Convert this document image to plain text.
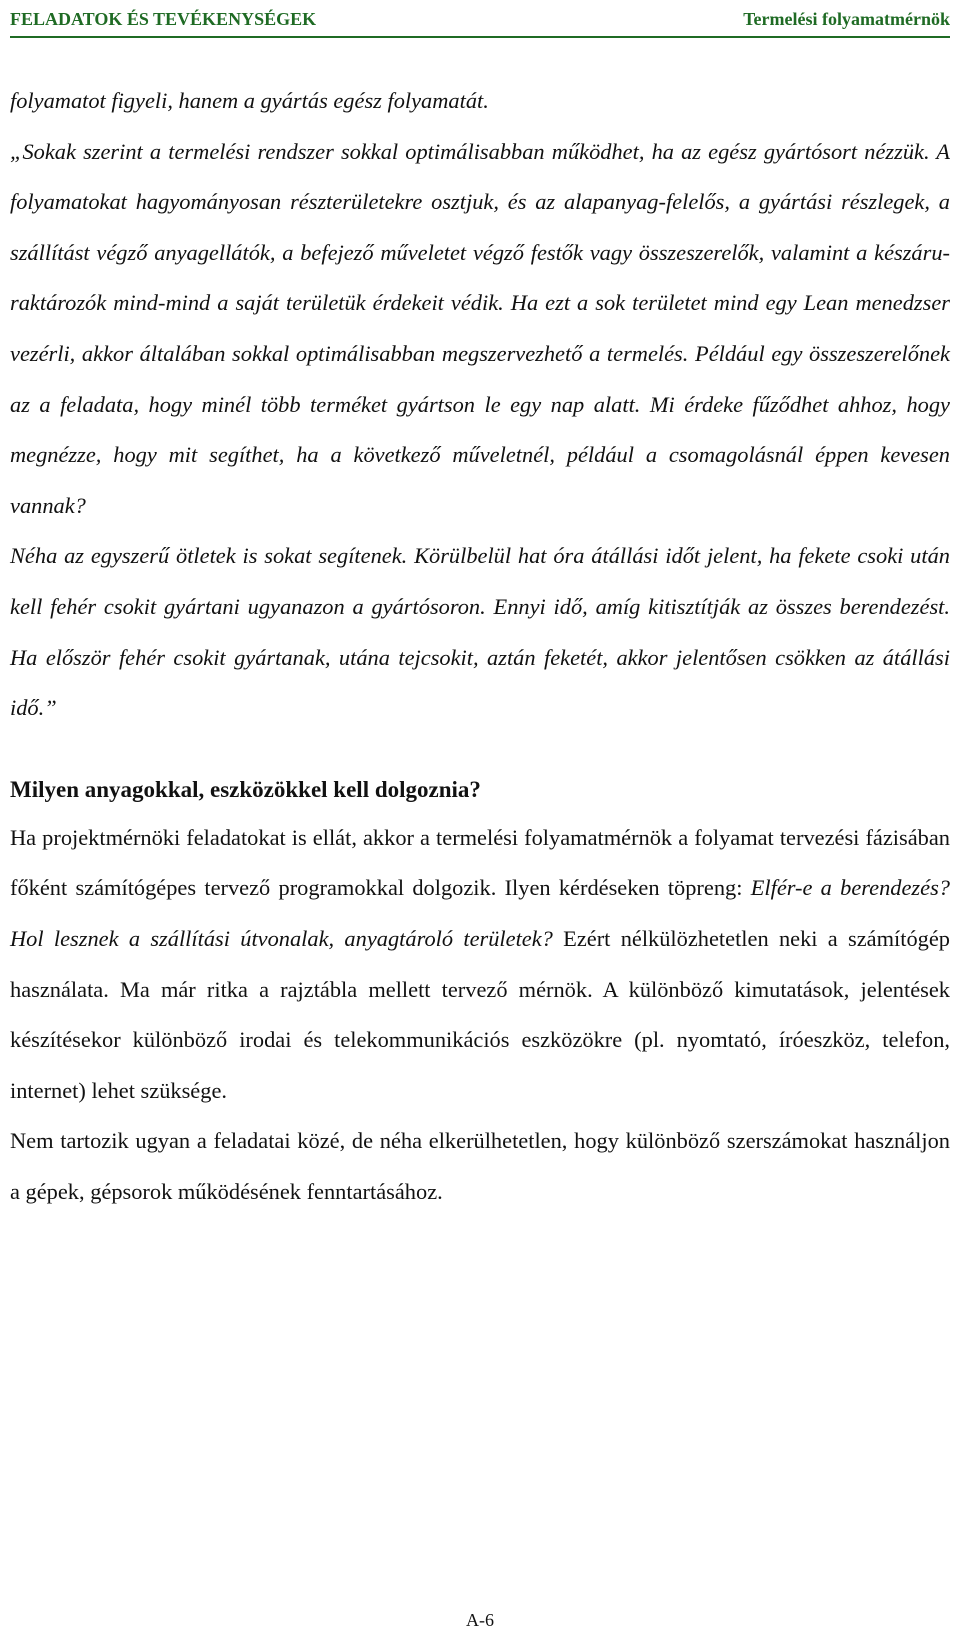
FELADATOK ÉS TEVÉKENYSÉGEK	Termelési folyamatmérnök

folyamatot figyeli, hanem a gyártás egész folyamatát.

„Sokak szerint a termelési rendszer sokkal optimálisabban működhet, ha az egész gyártósort nézzük. A folyamatokat hagyományosan részterületekre osztjuk, és az alapanyag-felelős, a gyártási részlegek, a szállítást végző anyagellátók, a befejező műveletet végző festők vagy összeszerelők, valamint a készáru-raktározók mind-mind a saját területük érdekeit védik. Ha ezt a sok területet mind egy Lean menedzser vezérli, akkor általában sokkal optimálisabban megszervezhető a termelés. Például egy összeszerelőnek az a feladata, hogy minél több terméket gyártson le egy nap alatt. Mi érdeke fűződhet ahhoz, hogy megnézze, hogy mit segíthet, ha a következő műveletnél, például a csomagolásnál éppen kevesen vannak?

Néha az egyszerű ötletek is sokat segítenek. Körülbelül hat óra átállási időt jelent, ha fekete csoki után kell fehér csokit gyártani ugyanazon a gyártósoron. Ennyi idő, amíg kitisztítják az összes berendezést. Ha először fehér csokit gyártanak, utána tejcsokit, aztán feketét, akkor jelentősen csökken az átállási idő.”

Milyen anyagokkal, eszközökkel kell dolgoznia?

Ha projektmérnöki feladatokat is ellát, akkor a termelési folyamatmérnök a folyamat tervezési fázisában főként számítógépes tervező programokkal dolgozik. Ilyen kérdéseken töpreng: Elfér-e a berendezés? Hol lesznek a szállítási útvonalak, anyagtároló területek? Ezért nélkülözhetetlen neki a számítógép használata. Ma már ritka a rajztábla mellett tervező mérnök. A különböző kimutatások, jelentések készítésekor különböző irodai és telekommunikációs eszközökre (pl. nyomtató, íróeszköz, telefon, internet) lehet szüksége.

Nem tartozik ugyan a feladatai közé, de néha elkerülhetetlen, hogy különböző szerszámokat használjon a gépek, gépsorok működésének fenntartásához.

A-6
